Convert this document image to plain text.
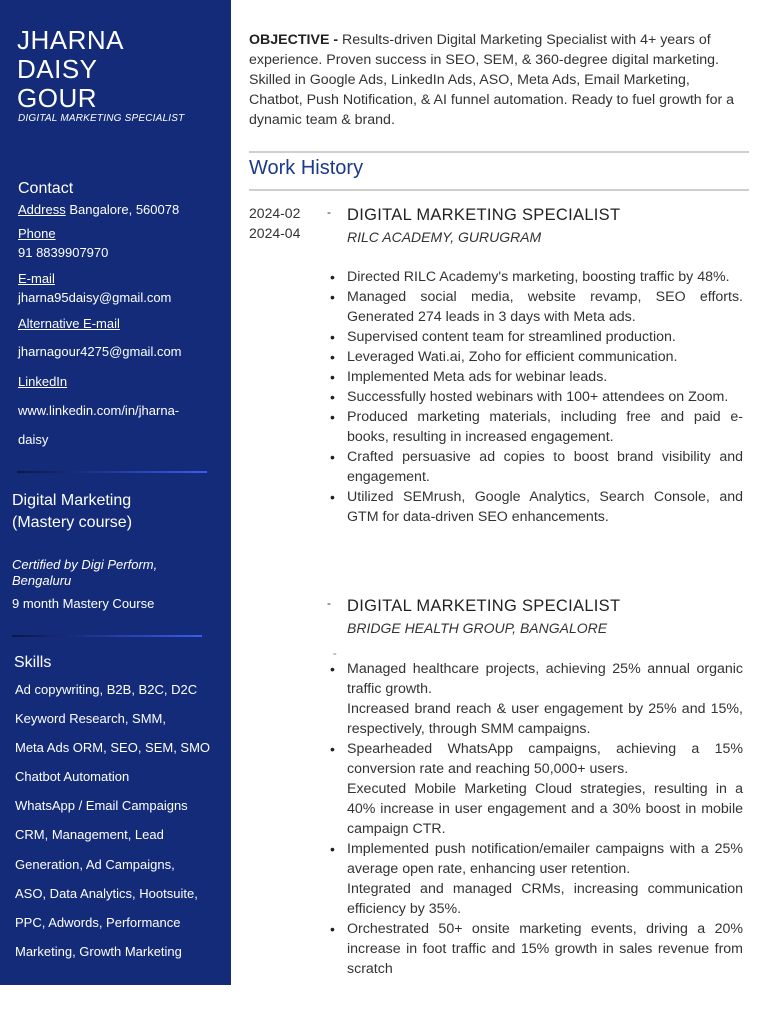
JHARNA
DAISY
GOUR
DIGITAL MARKETING SPECIALIST
Contact
Address Bangalore, 560078
Phone
91 8839907970
E-mail
jharna95daisy@gmail.com
Alternative E-mail
jharnagour4275@gmail.com
LinkedIn
www.linkedin.com/in/jharna-
daisy
Digital Marketing
(Mastery course)
Certified by Digi Perform,
Bengaluru
9 month Mastery Course
Skills
Ad copywriting, B2B, B2C, D2C
Keyword Research, SMM,
Meta Ads ORM, SEO, SEM, SMO
Chatbot Automation
WhatsApp / Email Campaigns
CRM, Management, Lead
Generation, Ad Campaigns,
ASO, Data Analytics, Hootsuite,
PPC, Adwords, Performance
Marketing, Growth Marketing
OBJECTIVE - Results-driven Digital Marketing Specialist with 4+ years of experience. Proven success in SEO, SEM, & 360-degree digital marketing. Skilled in Google Ads, LinkedIn Ads, ASO, Meta Ads, Email Marketing, Chatbot, Push Notification, & AI funnel automation. Ready to fuel growth for a dynamic team & brand.
Work History
2024-02
2024-04
- DIGITAL MARKETING SPECIALIST
RILC ACADEMY, GURUGRAM
• Directed RILC Academy's marketing, boosting traffic by 48%.
• Managed social media, website revamp, SEO efforts. Generated 274 leads in 3 days with Meta ads.
• Supervised content team for streamlined production.
• Leveraged Wati.ai, Zoho for efficient communication.
• Implemented Meta ads for webinar leads.
• Successfully hosted webinars with 100+ attendees on Zoom.
• Produced marketing materials, including free and paid e-books, resulting in increased engagement.
• Crafted persuasive ad copies to boost brand visibility and engagement.
• Utilized SEMrush, Google Analytics, Search Console, and GTM for data-driven SEO enhancements.
- DIGITAL MARKETING SPECIALIST
BRIDGE HEALTH GROUP, BANGALORE
=
• Managed healthcare projects, achieving 25% annual organic traffic growth.
Increased brand reach & user engagement by 25% and 15%, respectively, through SMM campaigns.
• Spearheaded WhatsApp campaigns, achieving a 15% conversion rate and reaching 50,000+ users.
Executed Mobile Marketing Cloud strategies, resulting in a 40% increase in user engagement and a 30% boost in mobile campaign CTR.
• Implemented push notification/emailer campaigns with a 25% average open rate, enhancing user retention.
Integrated and managed CRMs, increasing communication efficiency by 35%.
• Orchestrated 50+ onsite marketing events, driving a 20% increase in foot traffic and 15% growth in sales revenue from scratch
